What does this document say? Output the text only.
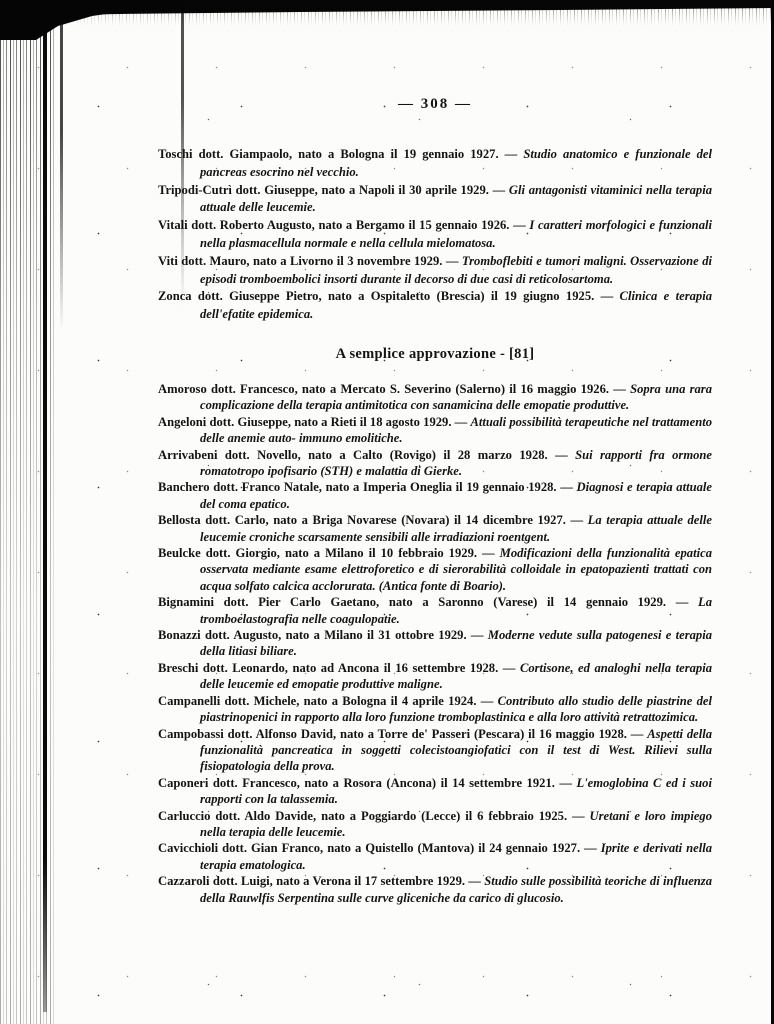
— 308 —

Toschi dott. Giampaolo, nato a Bologna il 19 gennaio 1927. — Studio anatomico e funzionale del pancreas esocrino nel vecchio.

Tripodi-Cutrì dott. Giuseppe, nato a Napoli il 30 aprile 1929. — Gli antagonisti vitaminici nella terapia attuale delle leucemie.

Vitali dott. Roberto Augusto, nato a Bergamo il 15 gennaio 1926. — I caratteri morfologici e funzionali nella plasmacellula normale e nella cellula mielomatosa.

Viti dott. Mauro, nato a Livorno il 3 novembre 1929. — Tromboflebiti e tumori maligni. Osservazione di episodi tromboembolici insorti durante il decorso di due casi di reticolosartoma.

Zonca dott. Giuseppe Pietro, nato a Ospitaletto (Brescia) il 19 giugno 1925. — Clinica e terapia dell'efatite epidemica.

A semplice approvazione - [81]

Amoroso dott. Francesco, nato a Mercato S. Severino (Salerno) il 16 maggio 1926. — Sopra una rara complicazione della terapia antimitotica con sanamicina delle emopatie produttive.

Angeloni dott. Giuseppe, nato a Rieti il 18 agosto 1929. — Attuali possibilità terapeutiche nel trattamento delle anemie auto- immuno emolitiche.

Arrivabeni dott. Novello, nato a Calto (Rovigo) il 28 marzo 1928. — Sui rapporti fra ormone romatotropo ipofisario (STH) e malattia di Gierke.

Banchero dott. Franco Natale, nato a Imperia Oneglia il 19 gennaio 1928. — Diagnosi e terapia attuale del coma epatico.

Bellosta dott. Carlo, nato a Briga Novarese (Novara) il 14 dicembre 1927. — La terapia attuale delle leucemie croniche scarsamente sensibili alle irradiazioni roentgent.

Beulcke dott. Giorgio, nato a Milano il 10 febbraio 1929. — Modificazioni della funzionalità epatica osservata mediante esame elettroforetico e di sierorabilità colloidale in epatopazienti trattati con acqua solfato calcica acclorurata. (Antica fonte di Boario).

Bignamini dott. Pier Carlo Gaetano, nato a Saronno (Varese) il 14 gennaio 1929. — La tromboelastografia nelle coagulopatie.

Bonazzi dott. Augusto, nato a Milano il 31 ottobre 1929. — Moderne vedute sulla patogenesi e terapia della litiasi biliare.

Breschi dott. Leonardo, nato ad Ancona il 16 settembre 1928. — Cortisone, ed analoghi nella terapia delle leucemie ed emopatie produttive maligne.

Campanelli dott. Michele, nato a Bologna il 4 aprile 1924. — Contributo allo studio delle piastrine del piastrinopenici in rapporto alla loro funzione tromboplastinica e alla loro attività retrattozimica.

Campobassi dott. Alfonso David, nato a Torre de' Passeri (Pescara) il 16 maggio 1928. — Aspetti della funzionalità pancreatica in soggetti colecistoangiofatici con il test di West. Rilievi sulla fisiopatologia della prova.

Caponeri dott. Francesco, nato a Rosora (Ancona) il 14 settembre 1921. — L'emoglobina C ed i suoi rapporti con la talassemia.

Carluccio dott. Aldo Davide, nato a Poggiardo (Lecce) il 6 febbraio 1925. — Uretani e loro impiego nella terapia delle leucemie.

Cavicchioli dott. Gian Franco, nato a Quistello (Mantova) il 24 gennaio 1927. — Iprite e derivati nella terapia ematologica.

Cazzaroli dott. Luigi, nato a Verona il 17 settembre 1929. — Studio sulle possibilità teoriche di influenza della Rauwlfis Serpentina sulle curve gliceniche da carico di glucosio.
